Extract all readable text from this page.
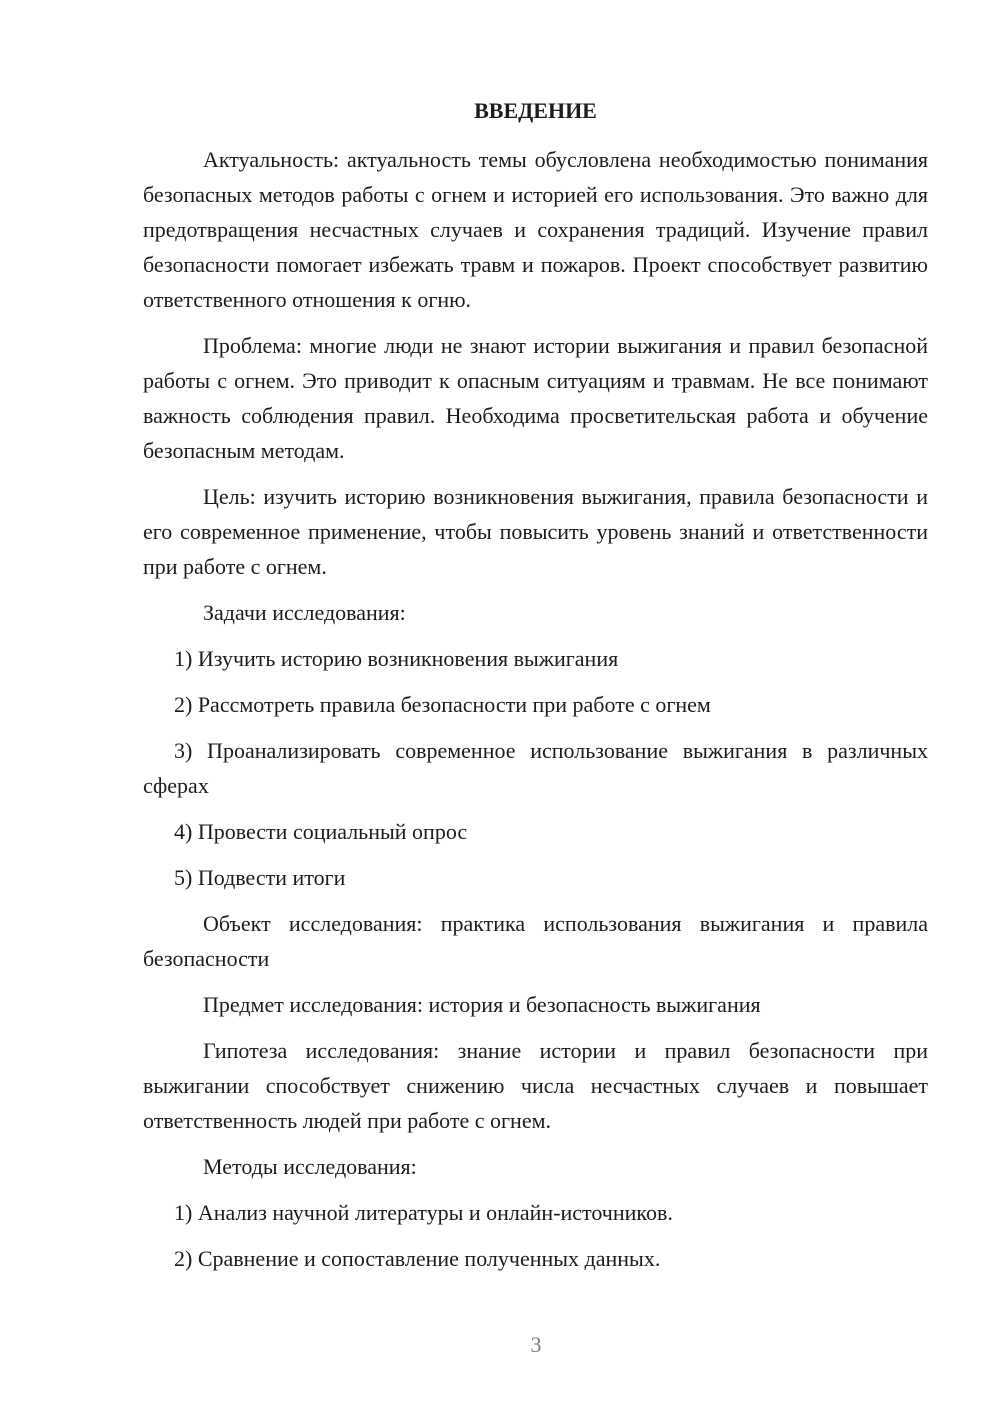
ВВЕДЕНИЕ
Актуальность: актуальность темы обусловлена необходимостью понимания безопасных методов работы с огнем и историей его использования. Это важно для предотвращения несчастных случаев и сохранения традиций. Изучение правил безопасности помогает избежать травм и пожаров. Проект способствует развитию ответственного отношения к огню.
Проблема: многие люди не знают истории выжигания и правил безопасной работы с огнем. Это приводит к опасным ситуациям и травмам. Не все понимают важность соблюдения правил. Необходима просветительская работа и обучение безопасным методам.
Цель: изучить историю возникновения выжигания, правила безопасности и его современное применение, чтобы повысить уровень знаний и ответственности при работе с огнем.
Задачи исследования:
1) Изучить историю возникновения выжигания
2) Рассмотреть правила безопасности при работе с огнем
3) Проанализировать современное использование выжигания в различных сферах
4) Провести социальный опрос
5) Подвести итоги
Объект исследования: практика использования выжигания и правила безопасности
Предмет исследования: история и безопасность выжигания
Гипотеза исследования: знание истории и правил безопасности при выжигании способствует снижению числа несчастных случаев и повышает ответственность людей при работе с огнем.
Методы исследования:
1) Анализ научной литературы и онлайн-источников.
2) Сравнение и сопоставление полученных данных.
3
